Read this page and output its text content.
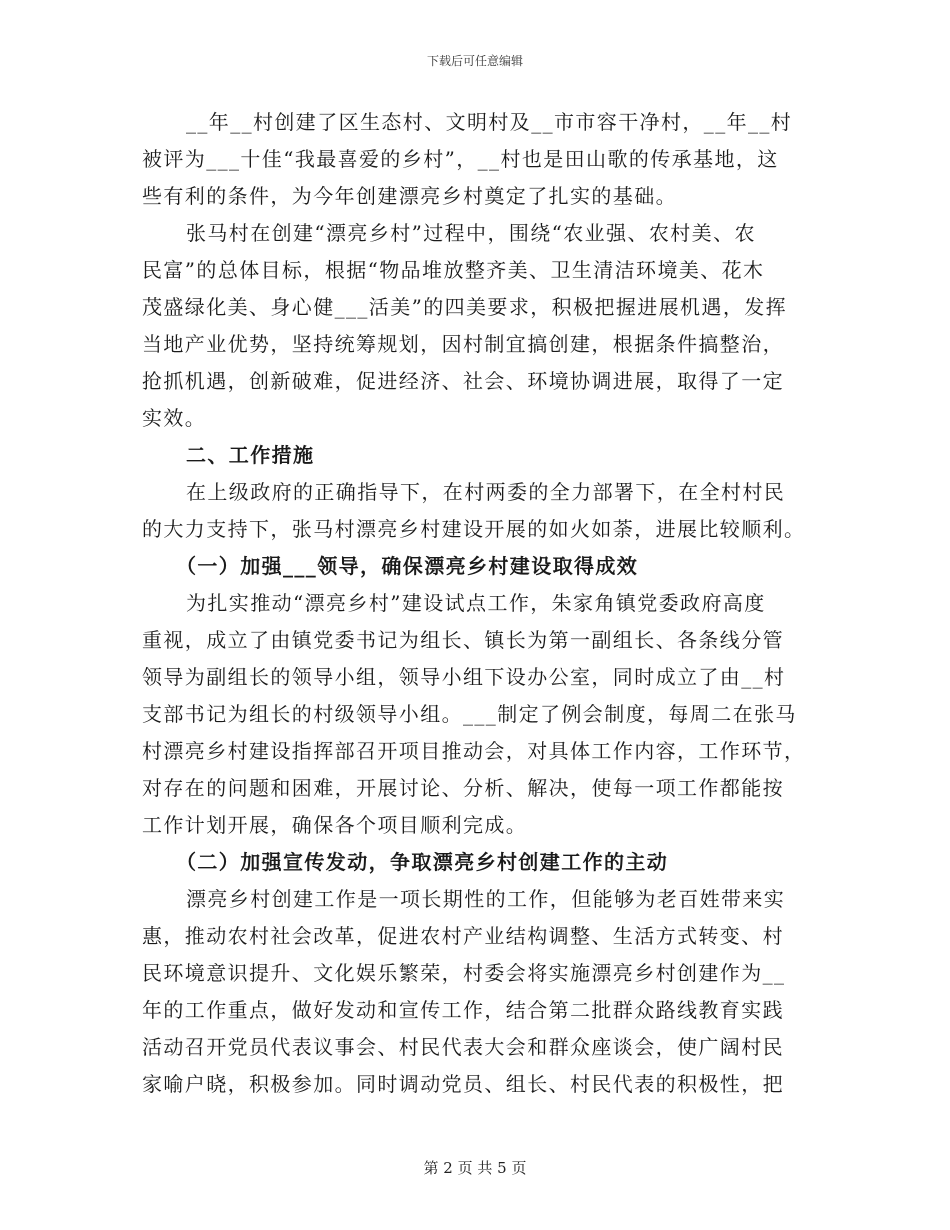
下载后可任意编辑
__年__村创建了区生态村、文明村及__市市容干净村，__年__村
被评为___十佳“我最喜爱的乡村”，__村也是田山歌的传承基地，这
些有利的条件，为今年创建漂亮乡村奠定了扎实的基础。
张马村在创建“漂亮乡村”过程中，围绕“农业强、农村美、农
民富”的总体目标，根据“物品堆放整齐美、卫生清洁环境美、花木
茂盛绿化美、身心健___活美”的四美要求，积极把握进展机遇，发挥
当地产业优势，坚持统筹规划，因村制宜搞创建，根据条件搞整治，
抢抓机遇，创新破难，促进经济、社会、环境协调进展，取得了一定
实效。
二、工作措施
在上级政府的正确指导下，在村两委的全力部署下，在全村村民
的大力支持下，张马村漂亮乡村建设开展的如火如荼，进展比较顺利。
（一）加强___领导，确保漂亮乡村建设取得成效
为扎实推动“漂亮乡村”建设试点工作，朱家角镇党委政府高度
重视，成立了由镇党委书记为组长、镇长为第一副组长、各条线分管
领导为副组长的领导小组，领导小组下设办公室，同时成立了由__村
支部书记为组长的村级领导小组。___制定了例会制度，每周二在张马
村漂亮乡村建设指挥部召开项目推动会，对具体工作内容，工作环节，
对存在的问题和困难，开展讨论、分析、解决，使每一项工作都能按
工作计划开展，确保各个项目顺利完成。
（二）加强宣传发动，争取漂亮乡村创建工作的主动
漂亮乡村创建工作是一项长期性的工作，但能够为老百姓带来实
惠，推动农村社会改革，促进农村产业结构调整、生活方式转变、村
民环境意识提升、文化娱乐繁荣，村委会将实施漂亮乡村创建作为__
年的工作重点，做好发动和宣传工作，结合第二批群众路线教育实践
活动召开党员代表议事会、村民代表大会和群众座谈会，使广阔村民
家喻户晓，积极参加。同时调动党员、组长、村民代表的积极性，把
第 2 页 共 5 页
